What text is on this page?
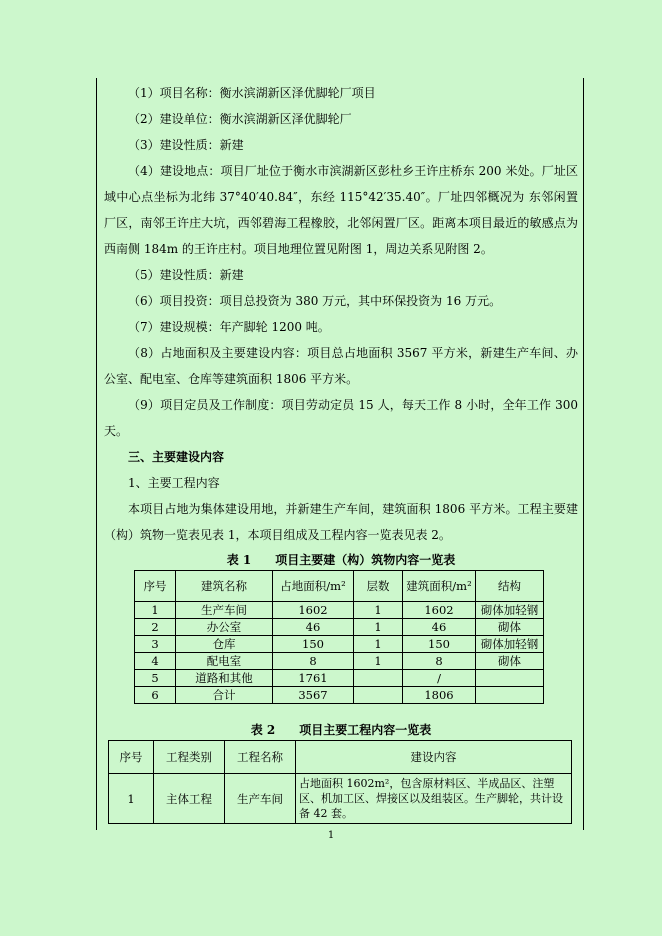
（1）项目名称：衡水滨湖新区泽优脚轮厂项目

（2）建设单位：衡水滨湖新区泽优脚轮厂

（3）建设性质：新建

（4）建设地点：项目厂址位于衡水市滨湖新区彭杜乡王许庄桥东 200 米处。厂址区域中心点坐标为北纬 37°40′40.84″，东经 115°42′35.40″。厂址四邻概况为 东邻闲置厂区，南邻王许庄大坑，西邻碧海工程橡胶，北邻闲置厂区。距离本项目最近的敏感点为西南侧 184m 的王许庄村。项目地理位置见附图 1，周边关系见附图 2。

（5）建设性质：新建

（6）项目投资：项目总投资为 380 万元，其中环保投资为 16 万元。

（7）建设规模：年产脚轮 1200 吨。

（8）占地面积及主要建设内容：项目总占地面积 3567 平方米，新建生产车间、办公室、配电室、仓库等建筑面积 1806 平方米。

（9）项目定员及工作制度：项目劳动定员 15 人，每天工作 8 小时，全年工作 300 天。

三、主要建设内容

1、主要工程内容

本项目占地为集体建设用地，并新建生产车间，建筑面积 1806 平方米。工程主要建（构）筑物一览表见表 1，本项目组成及工程内容一览表见表 2。

表 1　　项目主要建（构）筑物内容一览表
序号	建筑名称	占地面积/m²	层数	建筑面积/m²	结构
1	生产车间	1602	1	1602	砌体加轻钢
2	办公室	46	1	46	砌体
3	仓库	150	1	150	砌体加轻钢
4	配电室	8	1	8	砌体
5	道路和其他	1761		/	
6	合计	3567		1806	
表 2　　项目主要工程内容一览表
序号	工程类别	工程名称	建设内容
1	主体工程	生产车间	占地面积 1602m²，包含原材料区、半成品区、注塑区、机加工区、焊接区以及组装区。生产脚轮，共计设备 42 套。
1
